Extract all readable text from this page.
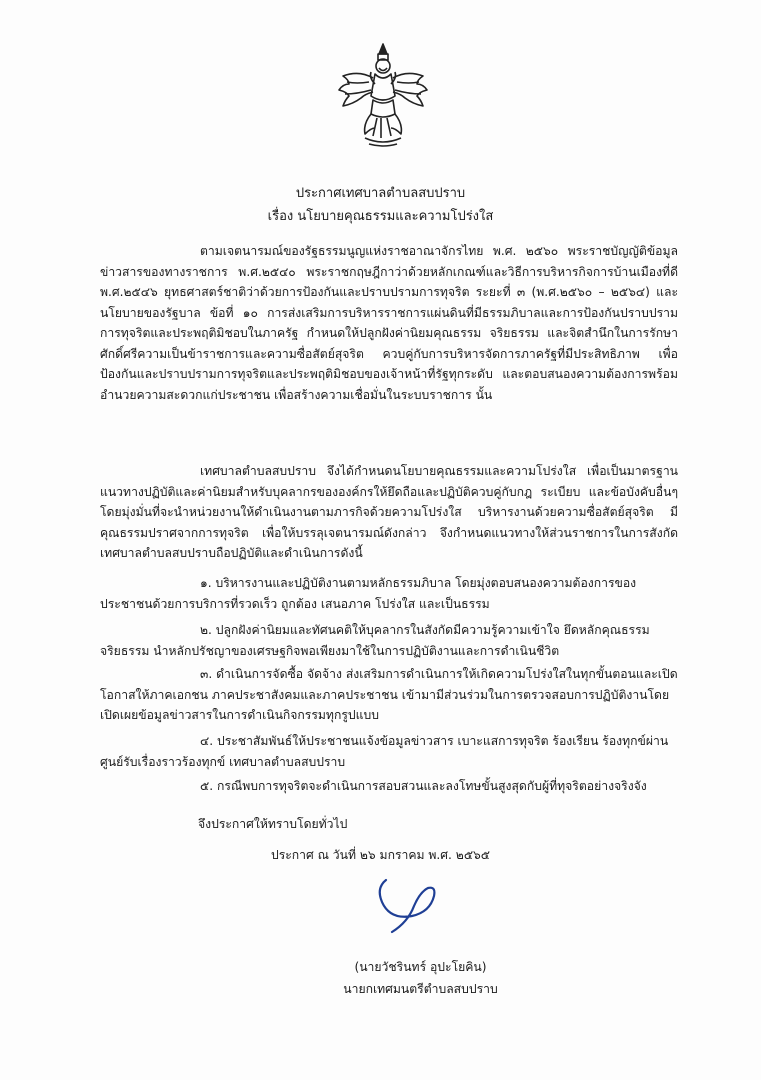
ประกาศเทศบาลตำบลสบปราบ
เรื่อง นโยบายคุณธรรมและความโปร่งใส
ตามเจตนารมณ์ของรัฐธรรมนูญแห่งราชอาณาจักรไทย พ.ศ. ๒๕๖๐ พระราชบัญญัติข้อมูลข่าวสารของทางราชการ พ.ศ.๒๕๔๐ พระราชกฤษฎีกาว่าด้วยหลักเกณฑ์และวิธีการบริหารกิจการบ้านเมืองที่ดี พ.ศ.๒๕๔๖ ยุทธศาสตร์ชาติว่าด้วยการป้องกันและปราบปรามการทุจริต ระยะที่ ๓ (พ.ศ.๒๕๖๐ – ๒๕๖๔) และนโยบายของรัฐบาล ข้อที่ ๑๐ การส่งเสริมการบริหารราชการแผ่นดินที่มีธรรมภิบาลและการป้องกันปราบปรามการทุจริตและประพฤติมิชอบในภาครัฐ กำหนดให้ปลูกฝังค่านิยมคุณธรรม จริยธรรม และจิตสำนึกในการรักษาศักดิ์ศรีความเป็นข้าราชการและความซื่อสัตย์สุจริต ควบคู่กับการบริหารจัดการภาครัฐที่มีประสิทธิภาพ เพื่อป้องกันและปราบปรามการทุจริตและประพฤติมิชอบของเจ้าหน้าที่รัฐทุกระดับ และตอบสนองความต้องการพร้อมอำนวยความสะดวกแก่ประชาชน เพื่อสร้างความเชื่อมั่นในระบบราชการ นั้น
เทศบาลตำบลสบปราบ จึงได้กำหนดนโยบายคุณธรรมและความโปร่งใส เพื่อเป็นมาตรฐานแนวทางปฏิบัติและค่านิยมสำหรับบุคลากรขององค์กรให้ยึดถือและปฏิบัติควบคู่กับกฎ ระเบียบ และข้อบังคับอื่นๆโดยมุ่งมั่นที่จะนำหน่วยงานให้ดำเนินงานตามภารกิจด้วยความโปร่งใส บริหารงานด้วยความซื่อสัตย์สุจริต มีคุณธรรมปราศจากการทุจริต เพื่อให้บรรลุเจตนารมณ์ดังกล่าว จึงกำหนดแนวทางให้ส่วนราชการในการสังกัดเทศบาลตำบลสบปราบถือปฏิบัติและดำเนินการดังนี้
๑. บริหารงานและปฏิบัติงานตามหลักธรรมภิบาล โดยมุ่งตอบสนองความต้องการของประชาชนด้วยการบริการที่รวดเร็ว ถูกต้อง เสนอภาค โปร่งใส และเป็นธรรม
๒. ปลูกฝังค่านิยมและทัศนคติให้บุคลากรในสังกัดมีความรู้ความเข้าใจ ยึดหลักคุณธรรมจริยธรรม นำหลักปรัชญาของเศรษฐกิจพอเพียงมาใช้ในการปฏิบัติงานและการดำเนินชีวิต
๓. ดำเนินการจัดซื้อ จัดจ้าง ส่งเสริมการดำเนินการให้เกิดความโปร่งใสในทุกขั้นตอนและเปิดโอกาสให้ภาคเอกชน ภาคประชาสังคมและภาคประชาชน เข้ามามีส่วนร่วมในการตรวจสอบการปฏิบัติงานโดยเปิดเผยข้อมูลข่าวสารในการดำเนินกิจกรรมทุกรูปแบบ
๔. ประชาสัมพันธ์ให้ประชาชนแจ้งข้อมูลข่าวสาร เบาะแสการทุจริต ร้องเรียน ร้องทุกข์ผ่านศูนย์รับเรื่องราวร้องทุกข์ เทศบาลตำบลสบปราบ
๕. กรณีพบการทุจริตจะดำเนินการสอบสวนและลงโทษขั้นสูงสุดกับผู้ที่ทุจริตอย่างจริงจัง
จึงประกาศให้ทราบโดยทั่วไป
ประกาศ ณ วันที่ ๒๖ มกราคม พ.ศ. ๒๕๖๕
(นายวัชรินทร์ อุปะโยคิน)
นายกเทศมนตรีตำบลสบปราบ
